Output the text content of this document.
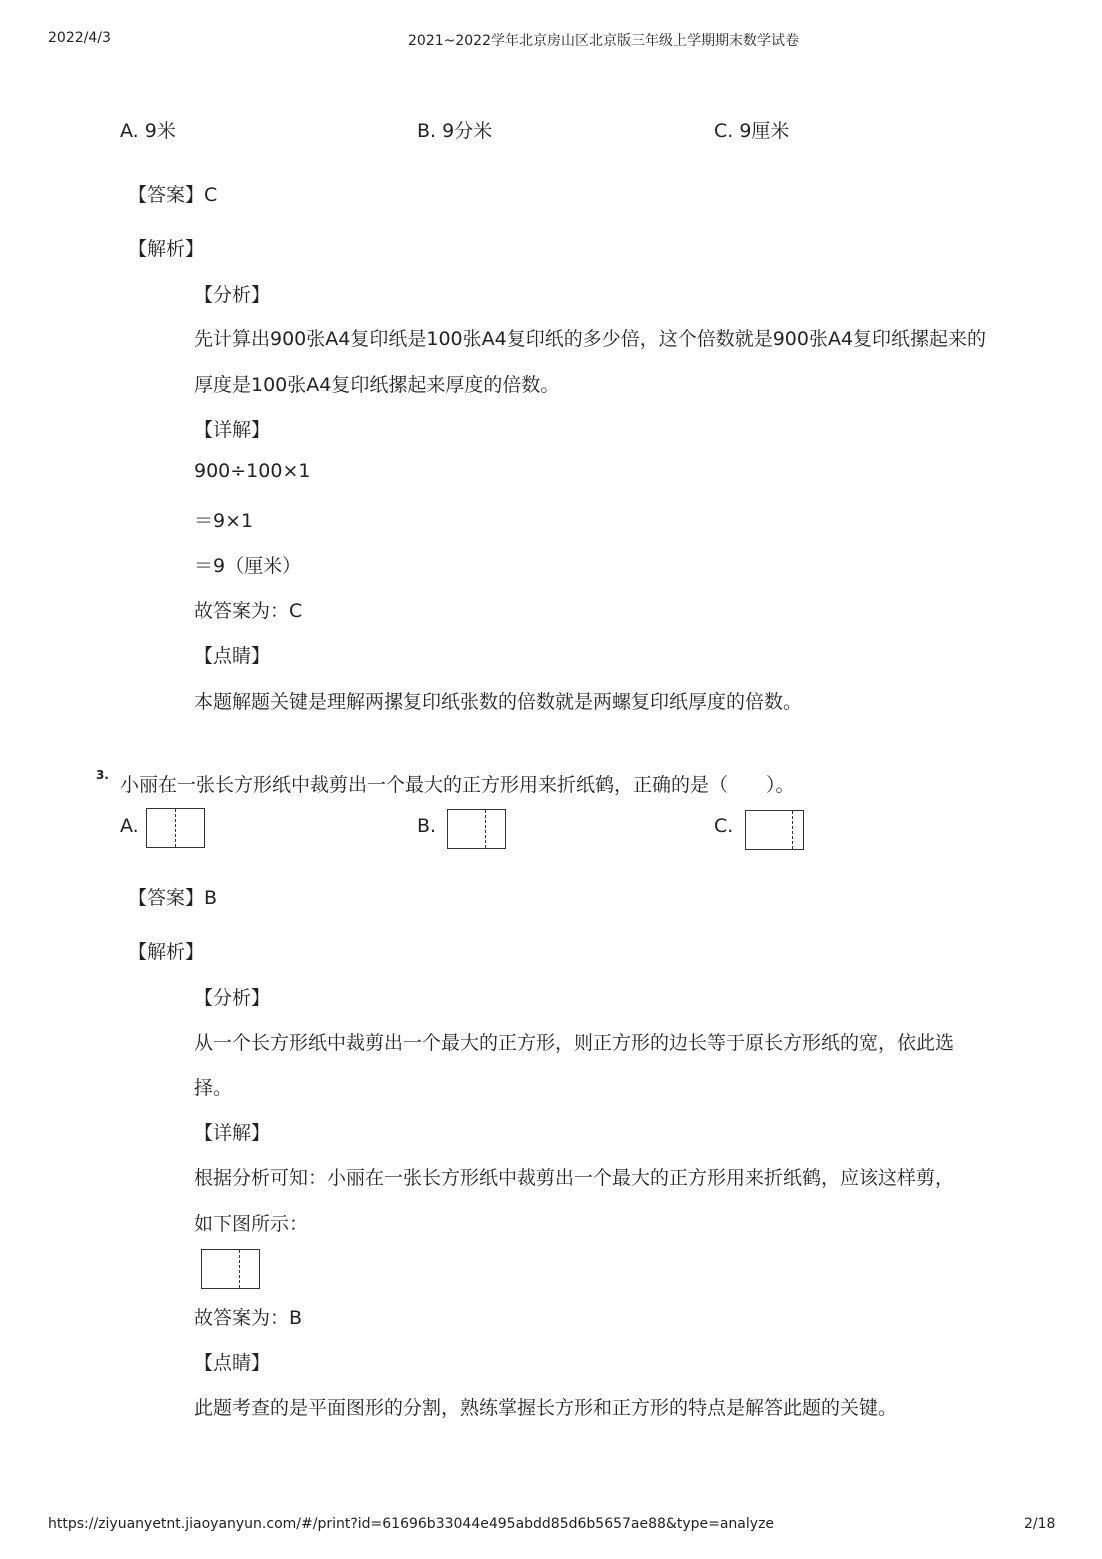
2022/4/3	2021~2022学年北京房山区北京版三年级上学期期末数学试卷
A. 9米	B. 9分米	C. 9厘米
【答案】C
【解析】
【分析】
先计算出900张A4复印纸是100张A4复印纸的多少倍，这个倍数就是900张A4复印纸摞起来的
厚度是100张A4复印纸摞起来厚度的倍数。
【详解】
900÷100×1
＝9×1
＝9（厘米）
故答案为：C
【点睛】
本题解题关键是理解两摞复印纸张数的倍数就是两螺复印纸厚度的倍数。
3. 小丽在一张长方形纸中裁剪出一个最大的正方形用来折纸鹤，正确的是（　　）。
A.	B.	C.
【答案】B
【解析】
【分析】
从一个长方形纸中裁剪出一个最大的正方形，则正方形的边长等于原长方形纸的宽，依此选
择。
【详解】
根据分析可知：小丽在一张长方形纸中裁剪出一个最大的正方形用来折纸鹤，应该这样剪，
如下图所示：
故答案为：B
【点睛】
此题考查的是平面图形的分割，熟练掌握长方形和正方形的特点是解答此题的关键。
https://ziyuanyetnt.jiaoyanyun.com/#/print?id=61696b33044e495abdd85d6b5657ae88&type=analyze	2/18
